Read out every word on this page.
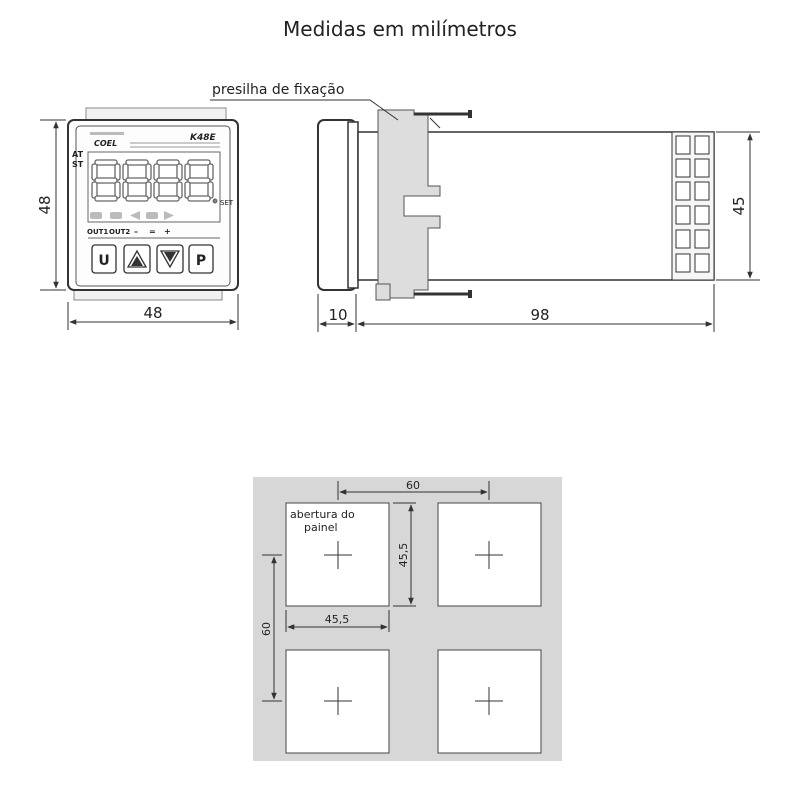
Medidas em milímetros
COEL
K48E
AT
ST
SET
OUT1 OUT2 – = +
U	P
48
48
presilha de fixação
45
10	98
abertura do
painel
60
45,5
60
45,5
